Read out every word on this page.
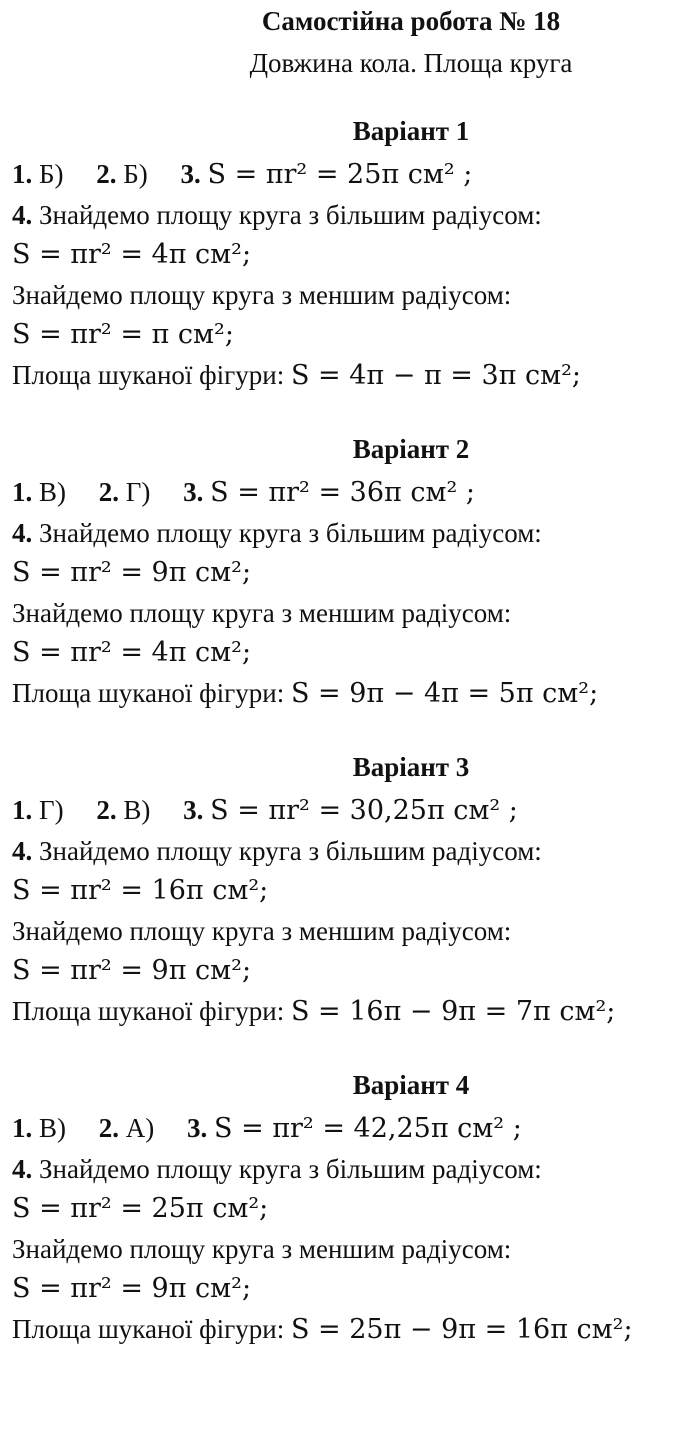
Самостійна робота № 18
Довжина кола. Площа круга
Варіант 1
1. Б) 2. Б) 3. S = πr² = 25π см² ;
4. Знайдемо площу круга з більшим радіусом:
S = πr² = 4π см²;
Знайдемо площу круга з меншим радіусом:
S = πr² = π см²;
Площа шуканої фігури: S = 4π − π = 3π см²;
Варіант 2
1. В) 2. Г) 3. S = πr² = 36π см² ;
4. Знайдемо площу круга з більшим радіусом:
S = πr² = 9π см²;
Знайдемо площу круга з меншим радіусом:
S = πr² = 4π см²;
Площа шуканої фігури: S = 9π − 4π = 5π см²;
Варіант 3
1. Г) 2. В) 3. S = πr² = 30,25π см² ;
4. Знайдемо площу круга з більшим радіусом:
S = πr² = 16π см²;
Знайдемо площу круга з меншим радіусом:
S = πr² = 9π см²;
Площа шуканої фігури: S = 16π − 9π = 7π см²;
Варіант 4
1. В) 2. А) 3. S = πr² = 42,25π см² ;
4. Знайдемо площу круга з більшим радіусом:
S = πr² = 25π см²;
Знайдемо площу круга з меншим радіусом:
S = πr² = 9π см²;
Площа шуканої фігури: S = 25π − 9π = 16π см²;
